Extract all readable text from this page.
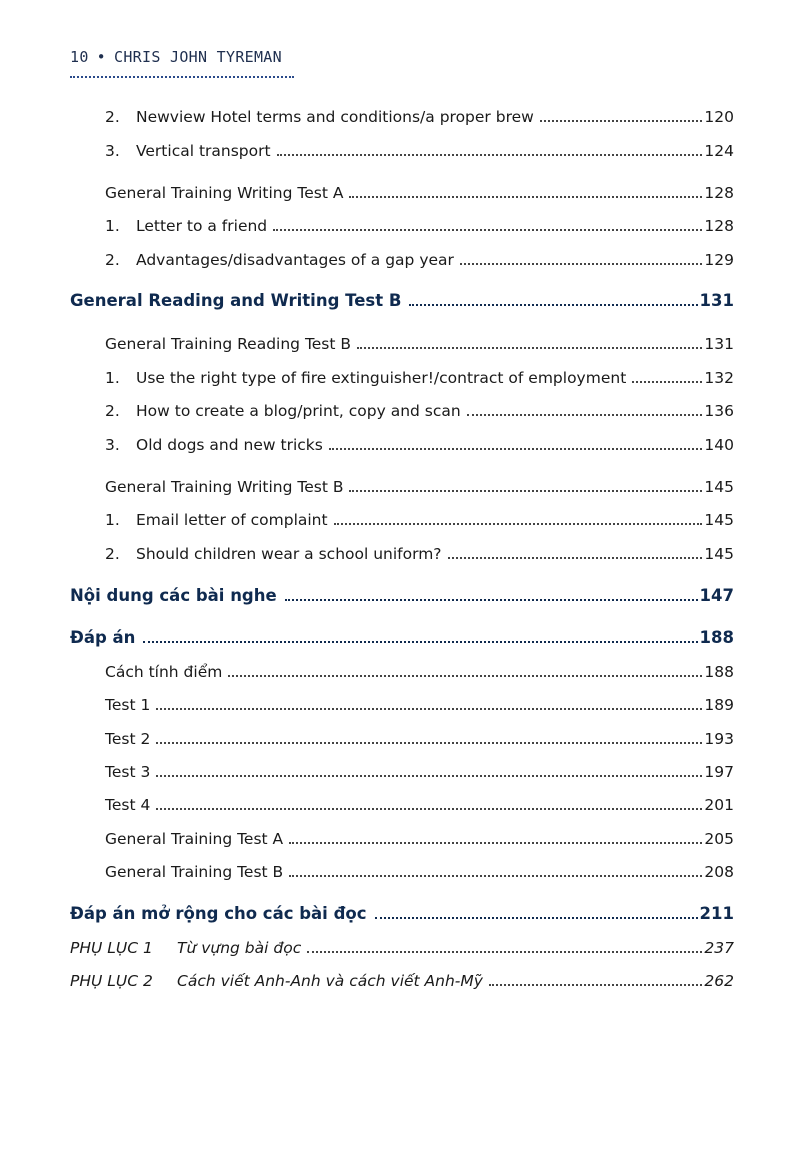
10 • CHRIS JOHN TYREMAN
2.	Newview Hotel terms and conditions/a proper brew	120
3.	Vertical transport	124
General Training Writing Test A	128
1.	Letter to a friend	128
2.	Advantages/disadvantages of a gap year	129
General Reading and Writing Test B	131
General Training Reading Test B	131
1.	Use the right type of fire extinguisher!/contract of employment	132
2.	How to create a blog/print, copy and scan	136
3.	Old dogs and new tricks	140
General Training Writing Test B	145
1.	Email letter of complaint	145
2.	Should children wear a school uniform?	145
Nội dung các bài nghe	147
Đáp án	188
Cách tính điểm	188
Test 1	189
Test 2	193
Test 3	197
Test 4	201
General Training Test A	205
General Training Test B	208
Đáp án mở rộng cho các bài đọc	211
PHỤ LỤC 1	Từ vựng bài đọc	237
PHỤ LỤC 2	Cách viết Anh-Anh và cách viết Anh-Mỹ	262
